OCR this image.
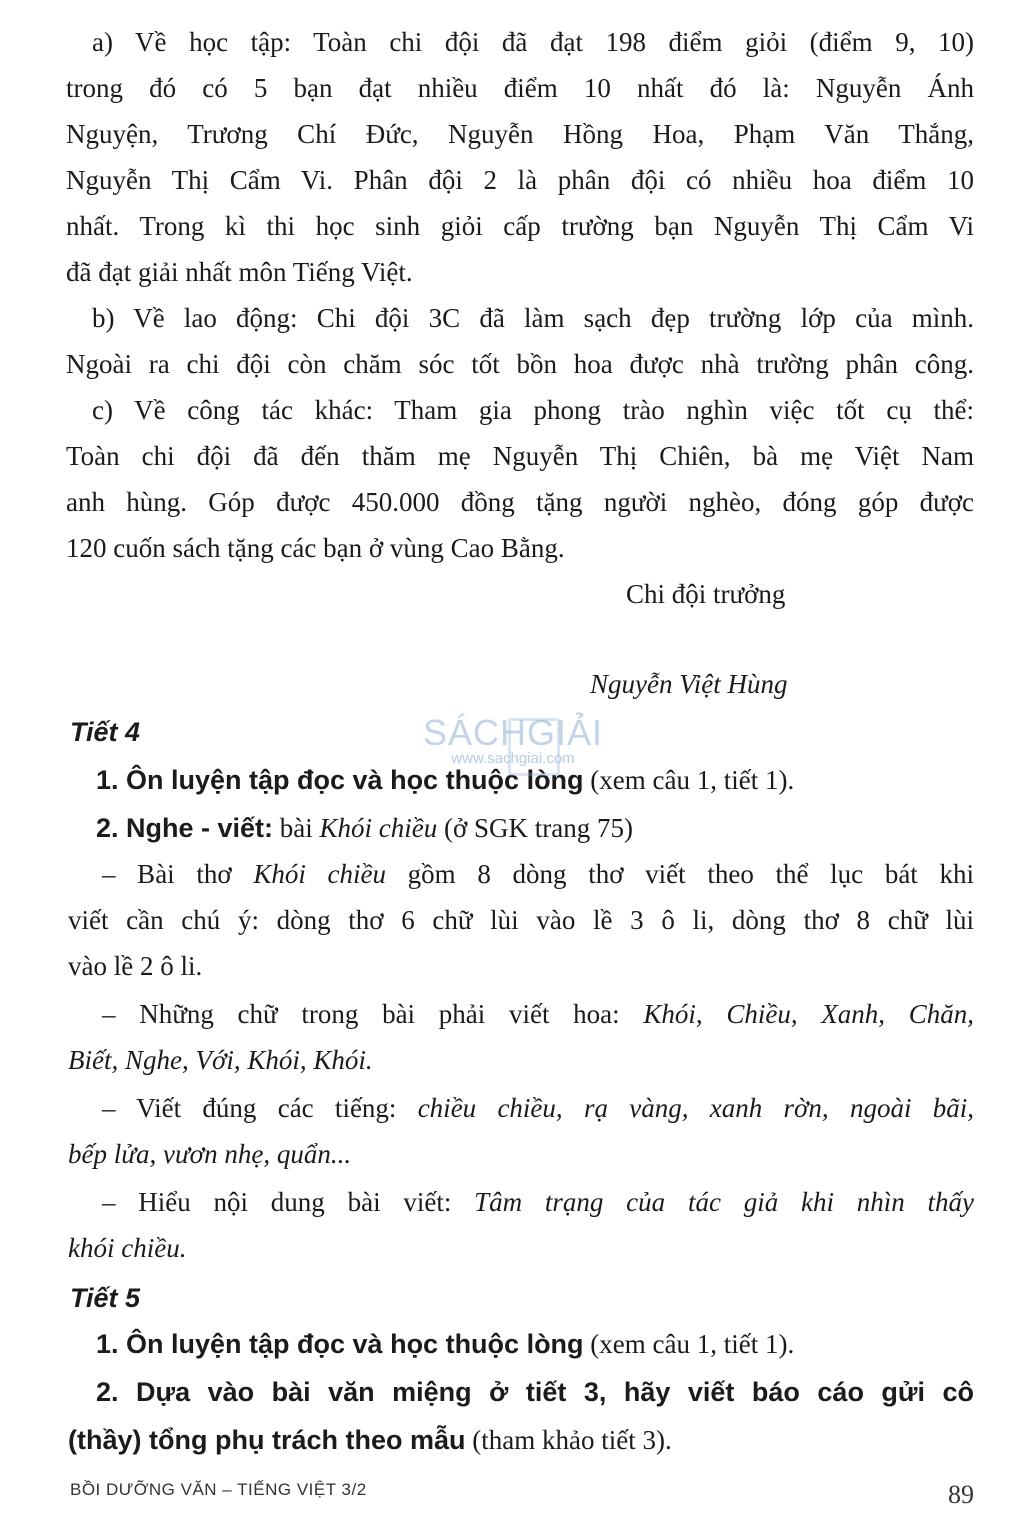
a) Về học tập: Toàn chi đội đã đạt 198 điểm giỏi (điểm 9, 10)
trong đó có 5 bạn đạt nhiều điểm 10 nhất đó là: Nguyễn Ánh
Nguyện, Trương Chí Đức, Nguyễn Hồng Hoa, Phạm Văn Thắng,
Nguyễn Thị Cẩm Vi. Phân đội 2 là phân đội có nhiều hoa điểm 10
nhất. Trong kì thi học sinh giỏi cấp trường bạn Nguyễn Thị Cẩm Vi
đã đạt giải nhất môn Tiếng Việt.
b) Về lao động: Chi đội 3C đã làm sạch đẹp trường lớp của mình.
Ngoài ra chi đội còn chăm sóc tốt bồn hoa được nhà trường phân công.
c) Về công tác khác: Tham gia phong trào nghìn việc tốt cụ thể:
Toàn chi đội đã đến thăm mẹ Nguyễn Thị Chiên, bà mẹ Việt Nam
anh hùng. Góp được 450.000 đồng tặng người nghèo, đóng góp được
120 cuốn sách tặng các bạn ở vùng Cao Bằng.
Chi đội trưởng
Nguyễn Việt Hùng
Tiết 4
1. Ôn luyện tập đọc và học thuộc lòng (xem câu 1, tiết 1).
2. Nghe - viết: bài Khói chiều (ở SGK trang 75)
– Bài thơ Khói chiều gồm 8 dòng thơ viết theo thể lục bát khi
viết cần chú ý: dòng thơ 6 chữ lùi vào lề 3 ô li, dòng thơ 8 chữ lùi
vào lề 2 ô li.
– Những chữ trong bài phải viết hoa: Khói, Chiều, Xanh, Chăn,
Biết, Nghe, Với, Khói, Khói.
– Viết đúng các tiếng: chiều chiều, rạ vàng, xanh rờn, ngoài bãi,
bếp lửa, vươn nhẹ, quẩn...
– Hiểu nội dung bài viết: Tâm trạng của tác giả khi nhìn thấy
khói chiều.
Tiết 5
1. Ôn luyện tập đọc và học thuộc lòng (xem câu 1, tiết 1).
2. Dựa vào bài văn miệng ở tiết 3, hãy viết báo cáo gửi cô
(thầy) tổng phụ trách theo mẫu (tham khảo tiết 3).
SÁCHGIẢI
www.sachgiai.com
BỒI DƯỠNG VĂN – TIẾNG VIỆT 3/2	89
